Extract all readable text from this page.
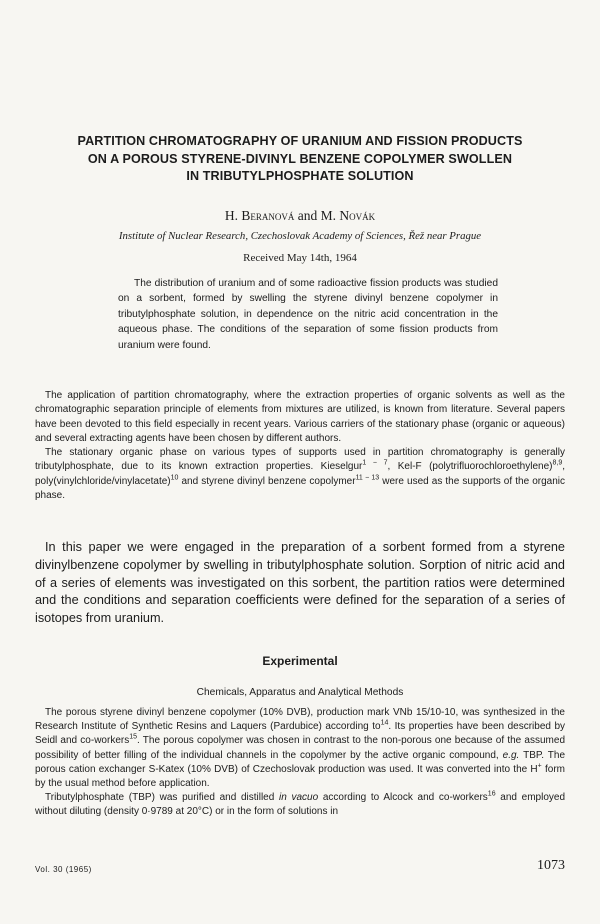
PARTITION CHROMATOGRAPHY OF URANIUM AND FISSION PRODUCTS
ON A POROUS STYRENE-DIVINYL BENZENE COPOLYMER SWOLLEN
IN TRIBUTYLPHOSPHATE SOLUTION
H. Beranová and M. Novák
Institute of Nuclear Research, Czechoslovak Academy of Sciences, Řež near Prague
Received May 14th, 1964

The distribution of uranium and of some radioactive fission products was studied on a sorbent, formed by swelling the styrene divinyl benzene copolymer in tributylphosphate solution, in dependence on the nitric acid concentration in the aqueous phase. The conditions of the separation of some fission products from uranium were found.

The application of partition chromatography, where the extraction properties of organic solvents as well as the chromatographic separation principle of elements from mixtures are utilized, is known from literature. Several papers have been devoted to this field especially in recent years. Various carriers of the stationary phase (organic or aqueous) and several extracting agents have been chosen by different authors.

The stationary organic phase on various types of supports used in partition chromatography is generally tributylphosphate, due to its known extraction properties. Kieselgur$^{1 - 7}$, Kel-F (polytrifluorochloroethylene)$^{8,9}$, poly(vinylchloride/vinylacetate)$^{10}$ and styrene divinyl benzene copolymer$^{11 - 13}$ were used as the supports of the organic phase.

In this paper we were engaged in the preparation of a sorbent formed from a styrene divinylbenzene copolymer by swelling in tributylphosphate solution. Sorption of nitric acid and of a series of elements was investigated on this sorbent, the partition ratios were determined and the conditions and separation coefficients were defined for the separation of a series of isotopes from uranium.

Experimental
Chemicals, Apparatus and Analytical Methods

The porous styrene divinyl benzene copolymer (10% DVB), production mark VNb 15/10-10, was synthesized in the Research Institute of Synthetic Resins and Laquers (Pardubice) according $to^{14}$. Its properties have been described by Seidl and co-workers$^{15}$. The porous copolymer was chosen in contrast to the non-porous one because of the assumed possibility of better filling of the individual channels in the copolymer by the active organic compound, e.g. TBP. The porous cation exchanger S-Katex (10% DVB) of Czechoslovak production was used. It was converted into the H+ form by the usual method before application.

Tributylphosphate (TBP) was purified and distilled in vacuo according to Alcock and co-workers$^{16}$ and employed without diluting (density 0·9789 at 20°C) or in the form of solutions in

Vol. 30 (1965)	1073
